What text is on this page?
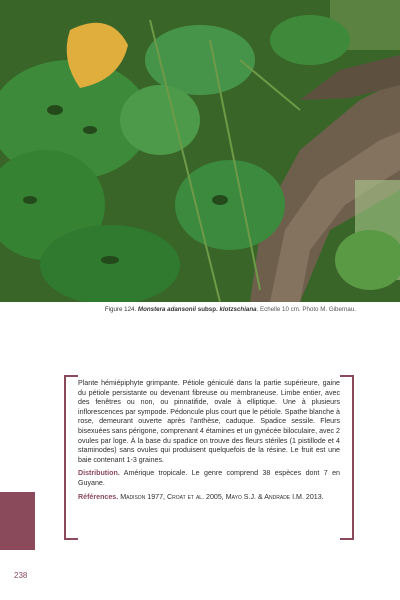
Figure 124. Monstera adansonii subsp. klotzschiana. Echelle 10 cm. Photo M. Gibernau.

Plante hémiépiphyte grimpante. Pétiole géniculé dans la partie supérieure, gaine du pétiole persistante ou devenant fibreuse ou membraneuse. Limbe entier, avec des fenêtres ou non, ou pinnatifide, ovale à elliptique. Une à plusieurs inflorescences par sympode. Pédoncule plus court que le pétiole. Spathe blanche à rose, demeurant ouverte après l’anthèse, caduque. Spadice sessile. Fleurs bisexuées sans périgone, comprenant 4 étamines et un gynécée biloculaire, avec 2 ovules par loge. À la base du spadice on trouve des fleurs stériles (1 pistillode et 4 staminodes) sans ovules qui produisent quelquefois de la résine. Le fruit est une baie contenant 1-3 graines.

Distribution. Amérique tropicale. Le genre comprend 38 espèces dont 7 en Guyane.

Références. Madison 1977, Croat et al. 2005, Mayo S.J. & Andrade I.M. 2013.

238
